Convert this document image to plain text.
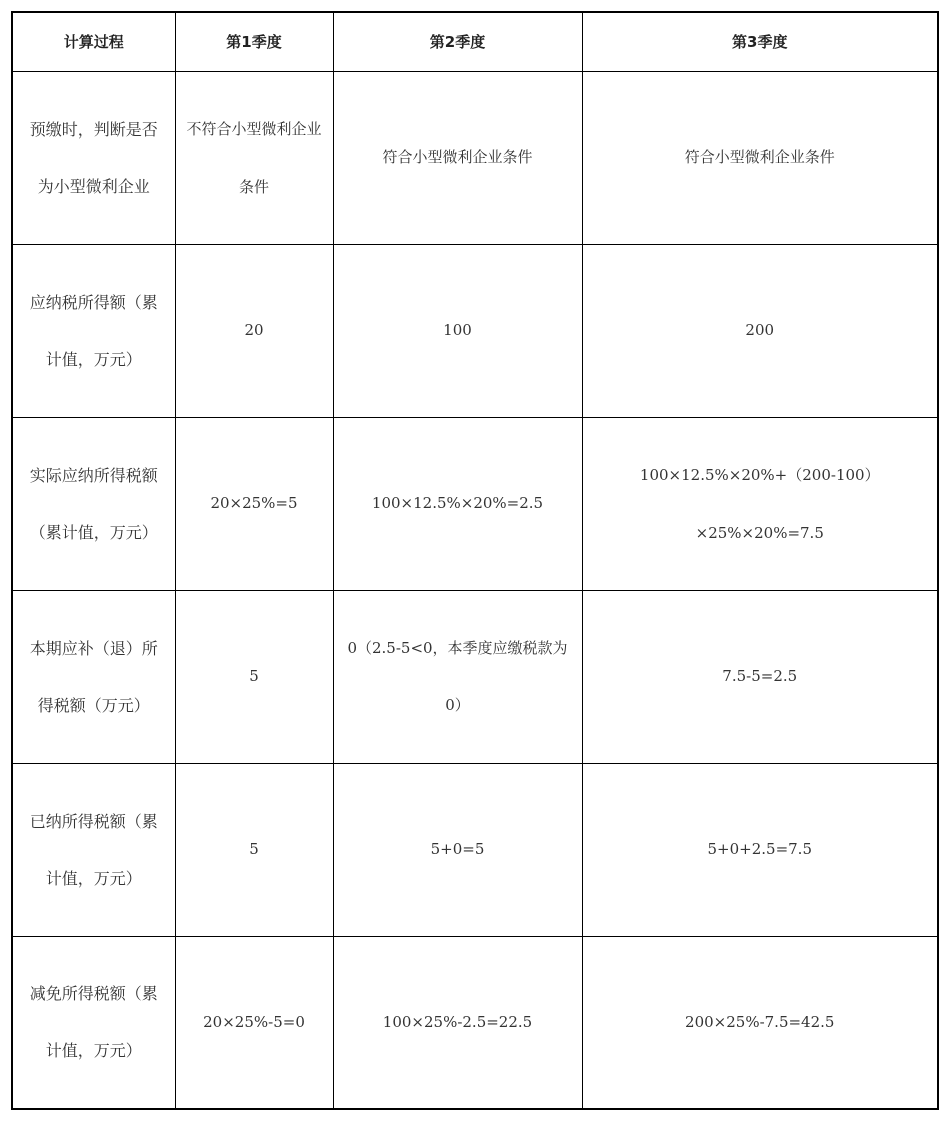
计算过程	第1季度	第2季度	第3季度
预缴时，判断是否为小型微利企业	不符合小型微利企业条件	符合小型微利企业条件	符合小型微利企业条件
应纳税所得额（累计值，万元）	20	100	200
实际应纳所得税额（累计值，万元）	20×25%=5	100×12.5%×20%=2.5	100×12.5%×20%+（200-100）×25%×20%=7.5
本期应补（退）所得税额（万元）	5	0（2.5-5<0，本季度应缴税款为0）	7.5-5=2.5
已纳所得税额（累计值，万元）	5	5+0=5	5+0+2.5=7.5
减免所得税额（累计值，万元）	20×25%-5=0	100×25%-2.5=22.5	200×25%-7.5=42.5
